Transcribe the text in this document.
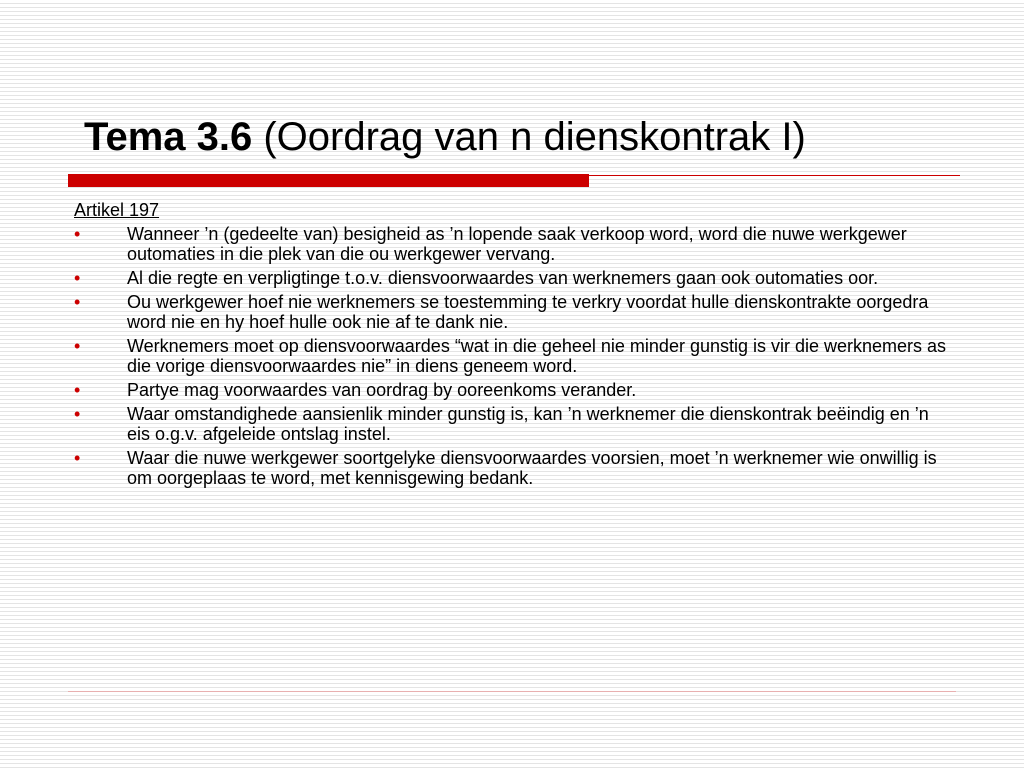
Tema 3.6 (Oordrag van n dienskontrak I)
Artikel 197
•	Wanneer ’n (gedeelte van) besigheid as ’n lopende saak verkoop word, word die nuwe werkgewer outomaties in die plek van die ou werkgewer vervang.
•	Al die regte en verpligtinge t.o.v. diensvoorwaardes van werknemers gaan ook outomaties oor.
•	Ou werkgewer hoef nie werknemers se toestemming te verkry voordat hulle dienskontrakte oorgedra word nie en hy hoef hulle ook nie af te dank nie.
•	Werknemers moet op diensvoorwaardes “wat in die geheel nie minder gunstig is vir die werknemers as die vorige diensvoorwaardes nie” in diens geneem word.
•	Partye mag voorwaardes van oordrag by ooreenkoms verander.
•	Waar omstandighede aansienlik minder gunstig is, kan ’n werknemer die dienskontrak beëindig en ’n eis o.g.v. afgeleide ontslag instel.
•	Waar die nuwe werkgewer soortgelyke diensvoorwaardes voorsien, moet ’n werknemer wie onwillig is om oorgeplaas te word, met kennisgewing bedank.
